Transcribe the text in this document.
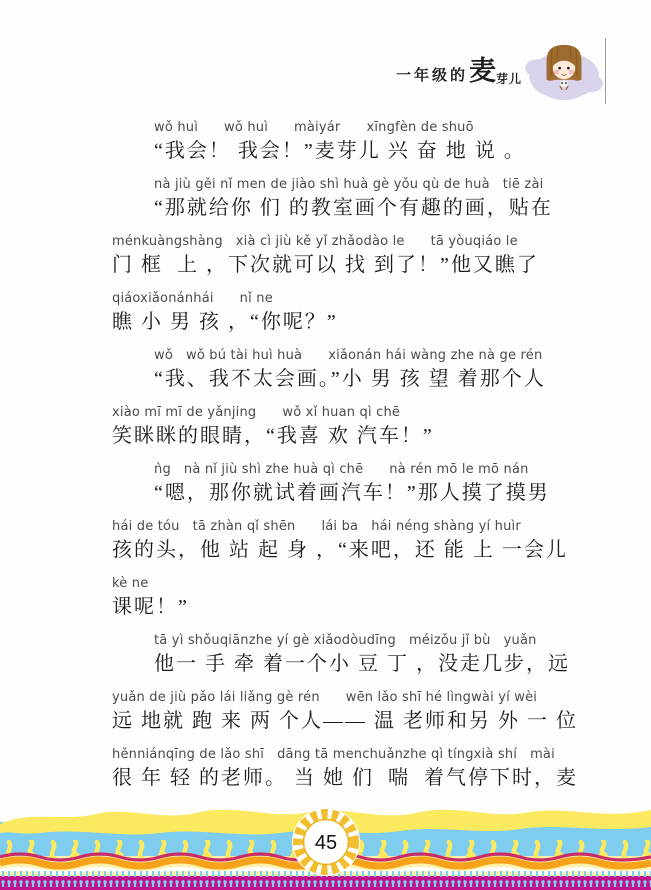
一年级的麦芽儿
wǒ huì      wǒ huì      màiyár      xīngfèn de shuō
“我会！ 我会！”麦芽儿 兴 奋 地 说 。
nà jiù gěi nǐ men de jiào shì huà gè yǒu qù de huà   tiē zài
“那就给你 们 的教室画个有趣的画，贴在
ménkuàngshàng   xià cì jiù kě yǐ zhǎodào le      tā yòuqiáo le
门 框  上 ，下次就可以 找 到了！”他又瞧了
qiáoxiǎonánhái      nǐ ne
瞧 小 男 孩 ，“你呢？”
wǒ   wǒ bú tài huì huà      xiǎonán hái wàng zhe nà ge rén
“我、我不太会画。”小 男 孩 望 着那个人
xiào mī mī de yǎnjing      wǒ xǐ huan qì chē
笑眯眯的眼睛，“我喜 欢 汽车！”
ǹg   nà nǐ jiù shì zhe huà qì chē      nà rén mō le mō nán
“嗯，那你就试着画汽车！”那人摸了摸男
hái de tóu   tā zhàn qǐ shēn      lái ba   hái néng shàng yí huìr
孩的头，他 站 起 身 ，“来吧，还 能 上 一会儿
kè ne
课呢！”
tā yì shǒuqiānzhe yí gè xiǎodòudīng   méizǒu jǐ bù   yuǎn
他一 手 牵 着一个小 豆 丁 ，没走几步，远
yuǎn de jiù pǎo lái liǎng gè rén      wēn lǎo shī hé lìngwài yí wèi
远 地就 跑 来 两 个人—— 温 老师和另 外 一 位
hěnniánqīng de lǎo shī   dāng tā menchuǎnzhe qì tíngxià shí   mài
很 年 轻 的老师。 当 她 们  喘  着气停下时，麦
45
